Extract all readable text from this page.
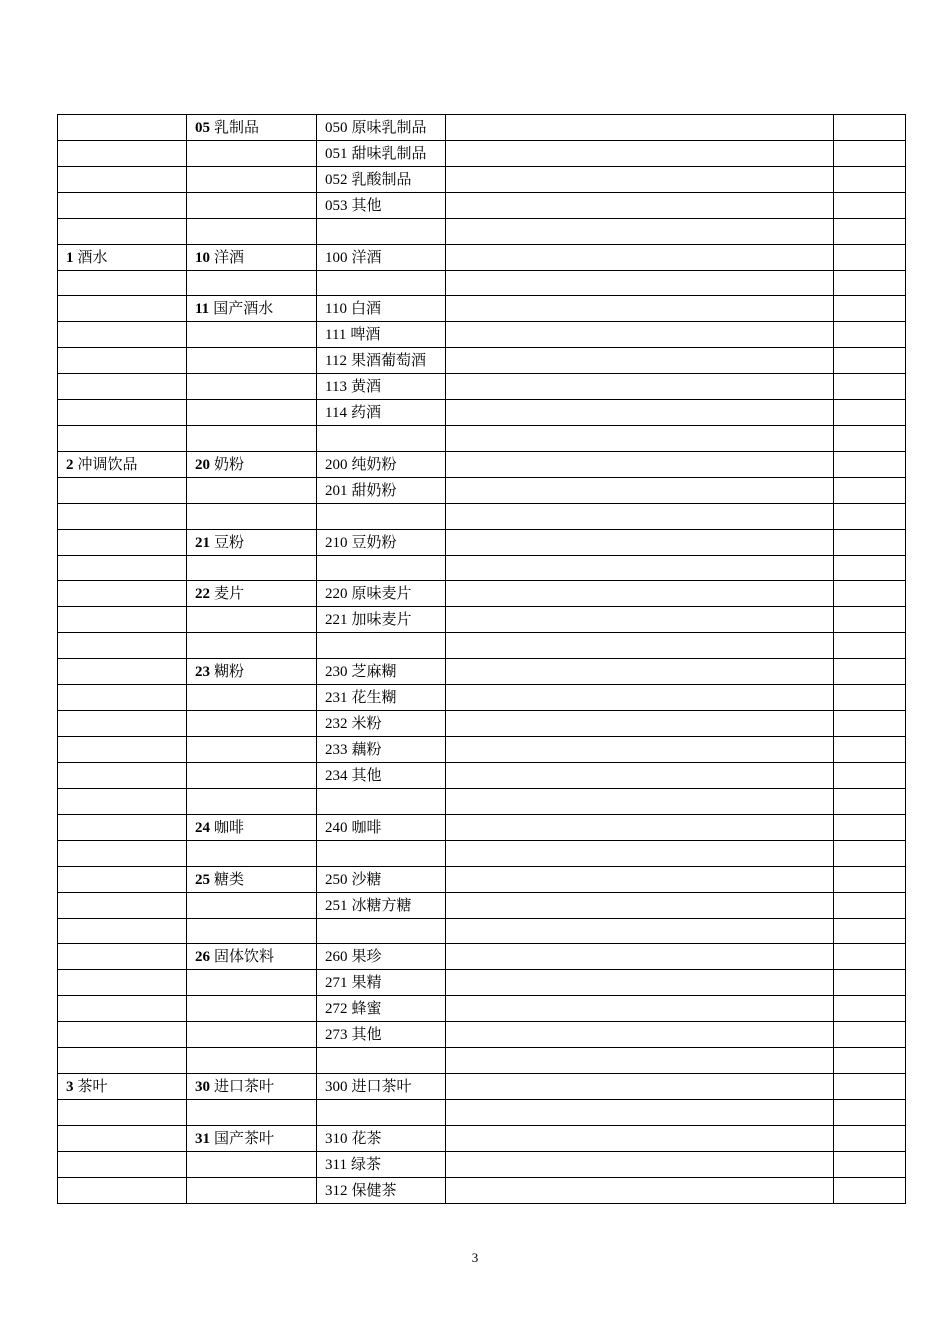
	05 乳制品	050 原味乳制品		
		051 甜味乳制品		
		052 乳酸制品		
		053 其他		

1 酒水	10 洋酒	100 洋酒		

	11 国产酒水	110 白酒		
		111 啤酒		
		112 果酒葡萄酒		
		113 黄酒		
		114 药酒		

2 冲调饮品	20 奶粉	200 纯奶粉		
		201 甜奶粉		

	21 豆粉	210 豆奶粉		

	22 麦片	220 原味麦片		
		221 加味麦片		

	23 糊粉	230 芝麻糊		
		231 花生糊		
		232 米粉		
		233 藕粉		
		234 其他		

	24 咖啡	240 咖啡		

	25 糖类	250 沙糖		
		251 冰糖方糖		

	26 固体饮料	260 果珍		
		271 果精		
		272 蜂蜜		
		273 其他		

3 茶叶	30 进口茶叶	300 进口茶叶		

	31 国产茶叶	310 花茶		
		311 绿茶		
		312 保健茶		
3
